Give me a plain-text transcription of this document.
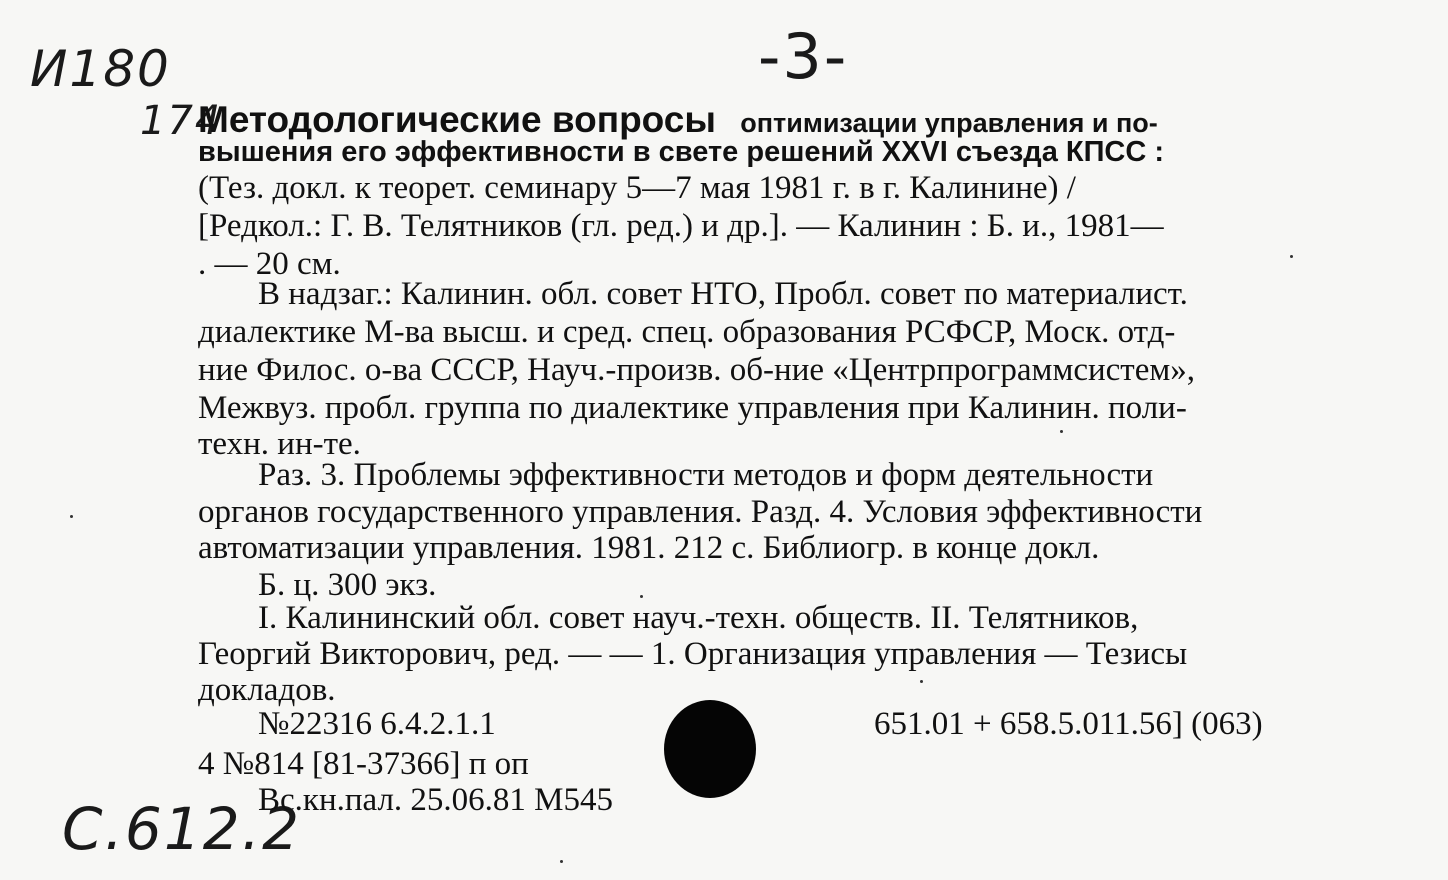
И180
174
-3-
С.612.2
Методологические вопросы оптимизации управления и по-
вышения его эффективности в свете решений XXVI съезда КПСС :
(Тез. докл. к теорет. семинару 5—7 мая 1981 г. в г. Калинине) /
[Редкол.: Г. В. Телятников (гл. ред.) и др.]. — Калинин : Б. и., 1981—
. — 20 см.
В надзаг.: Калинин. обл. совет НТО, Пробл. совет по материалист.
диалектике М-ва высш. и сред. спец. образования РСФСР, Моск. отд-
ние Филос. о-ва СССР, Науч.-произв. об-ние «Центрпрограммсистем»,
Межвуз. пробл. группа по диалектике управления при Калинин. поли-
техн. ин-те.
Раз. 3. Проблемы эффективности методов и форм деятельности
органов государственного управления. Разд. 4. Условия эффективности
автоматизации управления. 1981. 212 с. Библиогр. в конце докл.
Б. ц. 300 экз.
I. Калининский обл. совет науч.-техн. обществ. II. Телятников,
Георгий Викторович, ред. — — 1. Организация управления — Тезисы
докладов.
№22316 6.4.2.1.1	651.01 + 658.5.011.56] (063)
4 №814 [81-37366] п оп
Вс.кн.пал. 25.06.81 М545
